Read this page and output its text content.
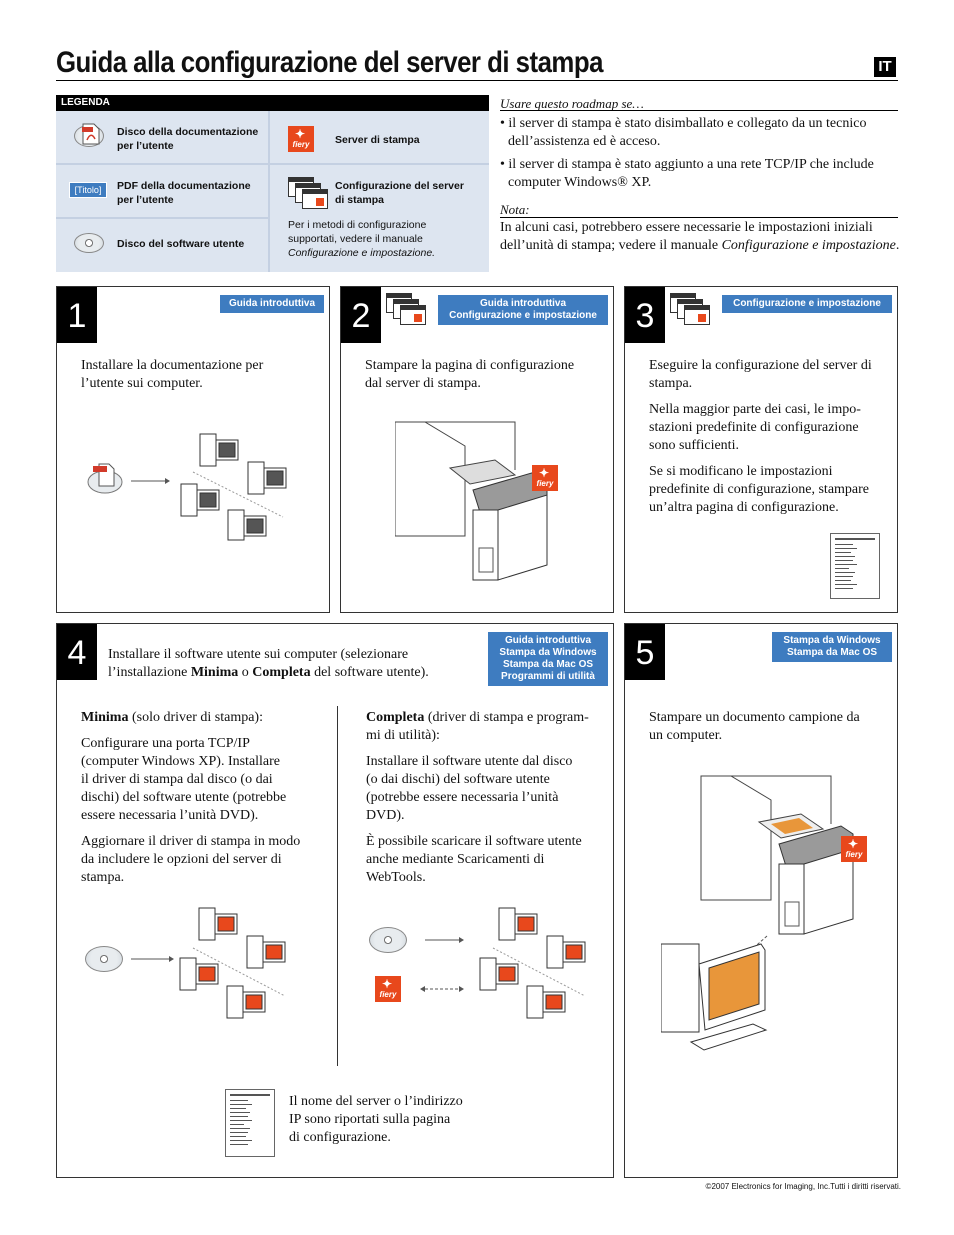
Guida alla configurazione del server di stampa	IT
LEGENDA
Disco della documentazione
per l’utente
✦	fiery	Server di stampa
[Titolo]	PDF della documentazione
per l’utente
Configurazione del server
di stampa
Per i metodi di configurazione
supportati, vedere il manuale
Configurazione e impostazione.
Disco del software utente
Usare questo roadmap se…
• il server di stampa è stato disimballato e collegato da un tecnico
dell’assistenza ed è acceso.
• il server di stampa è stato aggiunto a una rete TCP/IP che include
computer Windows® XP.
Nota:
In alcuni casi, potrebbero essere necessarie le impostazioni iniziali
dell’unità di stampa; vedere il manuale Configurazione e impostazione.
1	Guida introduttiva
Installare la documentazione per
l’utente sui computer.
2	Guida introduttiva
Configurazione e impostazione
Stampare la pagina di configurazione
dal server di stampa.
✦ fiery
3	Configurazione e impostazione

Eseguire la configurazione del server di
stampa.

Nella maggior parte dei casi, le impo-
stazioni predefinite di configurazione
sono sufficienti.

Se si modificano le impostazioni
predefinite di configurazione, stampare
un’altra pagina di configurazione.

4	Installare il software utente sui computer (selezionare
l’installazione Minima o Completa del software utente).
Guida introduttiva
Stampa da Windows
Stampa da Mac OS
Programmi di utilità

Minima (solo driver di stampa):

Configurare una porta TCP/IP
(computer Windows XP). Installare
il driver di stampa dal disco (o dai
dischi) del software utente (potrebbe
essere necessaria l’unità DVD).

Aggiornare il driver di stampa in modo
da includere le opzioni del server di
stampa.

Completa (driver di stampa e program-
mi di utilità):

Installare il software utente dal disco
(o dai dischi) del software utente
(potrebbe essere necessaria l’unità
DVD).

È possibile scaricare il software utente
anche mediante Scaricamenti di
WebTools.

✦ fiery
Il nome del server o l’indirizzo
IP sono riportati sulla pagina
di configurazione.
5	Stampa da Windows
Stampa da Mac OS
Stampare un documento campione da
un computer.
✦ fiery
©2007 Electronics for Imaging, Inc.Tutti i diritti riservati.
